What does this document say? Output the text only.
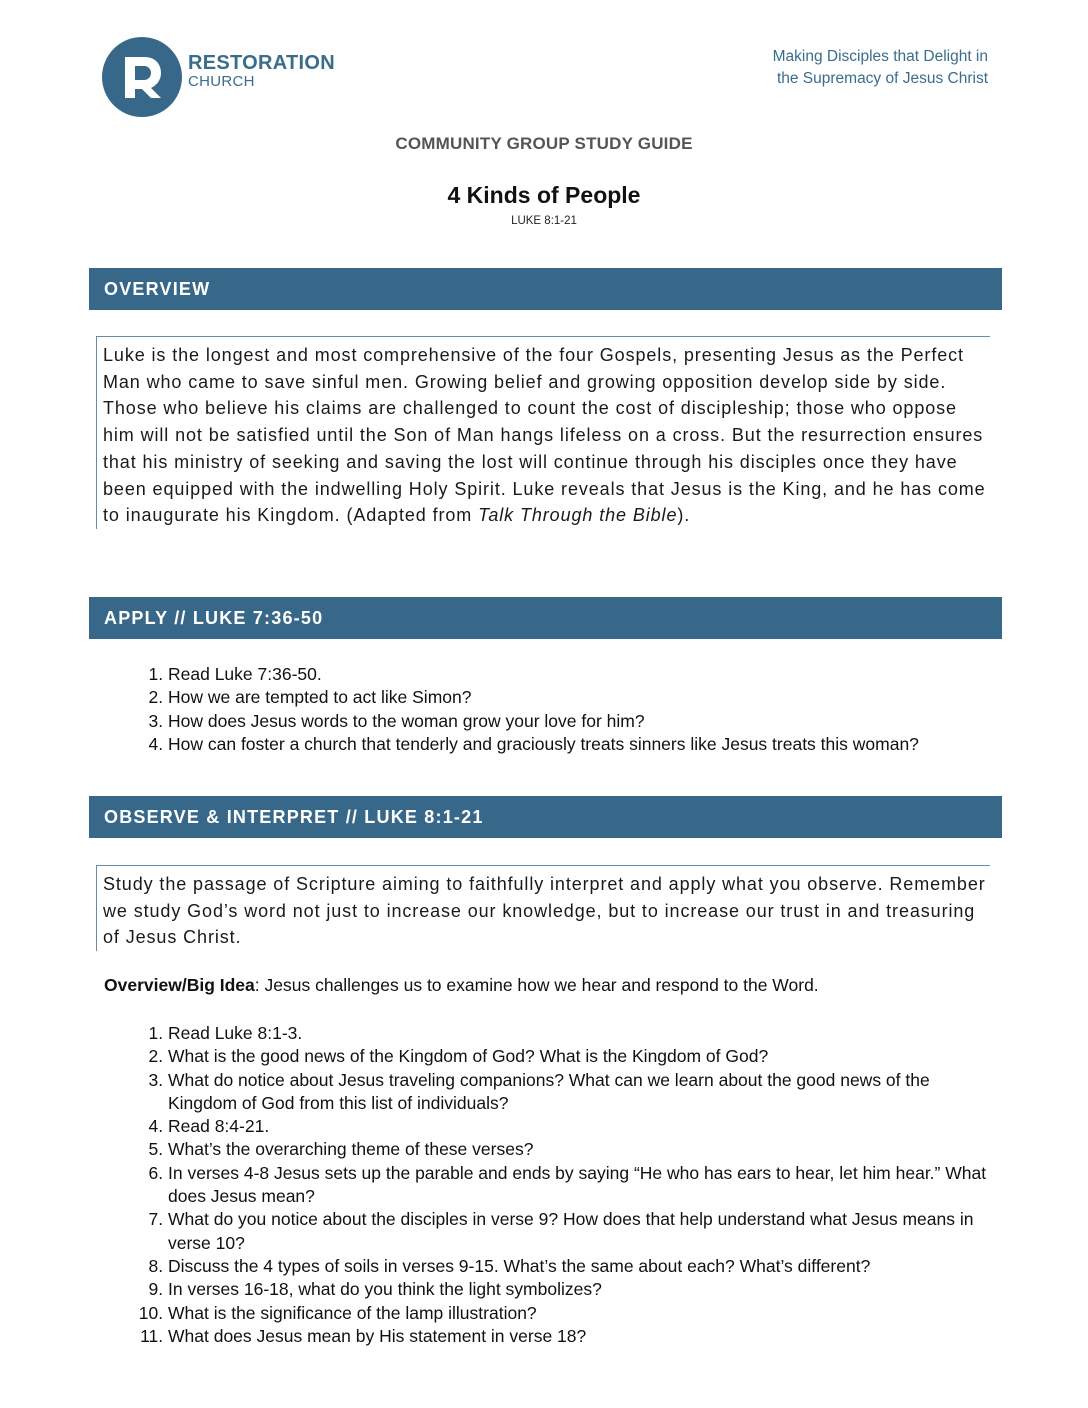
RESTORATION
CHURCH
Making Disciples that Delight in
the Supremacy of Jesus Christ
COMMUNITY GROUP STUDY GUIDE
4 Kinds of People
LUKE 8:1-21
OVERVIEW

Luke is the longest and most comprehensive of the four Gospels, presenting Jesus as the Perfect Man who came to save sinful men. Growing belief and growing opposition develop side by side. Those who believe his claims are challenged to count the cost of discipleship; those who oppose him will not be satisfied until the Son of Man hangs lifeless on a cross. But the resurrection ensures that his ministry of seeking and saving the lost will continue through his disciples once they have been equipped with the indwelling Holy Spirit. Luke reveals that Jesus is the King, and he has come to inaugurate his Kingdom. (Adapted from Talk Through the Bible).

APPLY // LUKE 7:36-50
1. Read Luke 7:36-50.
2. How we are tempted to act like Simon?
3. How does Jesus words to the woman grow your love for him?
4. How can foster a church that tenderly and graciously treats sinners like Jesus treats this woman?
OBSERVE & INTERPRET // LUKE 8:1-21

Study the passage of Scripture aiming to faithfully interpret and apply what you observe. Remember we study God’s word not just to increase our knowledge, but to increase our trust in and treasuring of Jesus Christ.

Overview/Big Idea: Jesus challenges us to examine how we hear and respond to the Word.
1. Read Luke 8:1-3.
2. What is the good news of the Kingdom of God? What is the Kingdom of God?
3. What do notice about Jesus traveling companions? What can we learn about the good news of the Kingdom of God from this list of individuals?
4. Read 8:4-21.
5. What’s the overarching theme of these verses?
6. In verses 4-8 Jesus sets up the parable and ends by saying “He who has ears to hear, let him hear.” What does Jesus mean?
7. What do you notice about the disciples in verse 9? How does that help understand what Jesus means in verse 10?
8. Discuss the 4 types of soils in verses 9-15. What’s the same about each? What’s different?
9. In verses 16-18, what do you think the light symbolizes?
10. What is the significance of the lamp illustration?
11. What does Jesus mean by His statement in verse 18?
